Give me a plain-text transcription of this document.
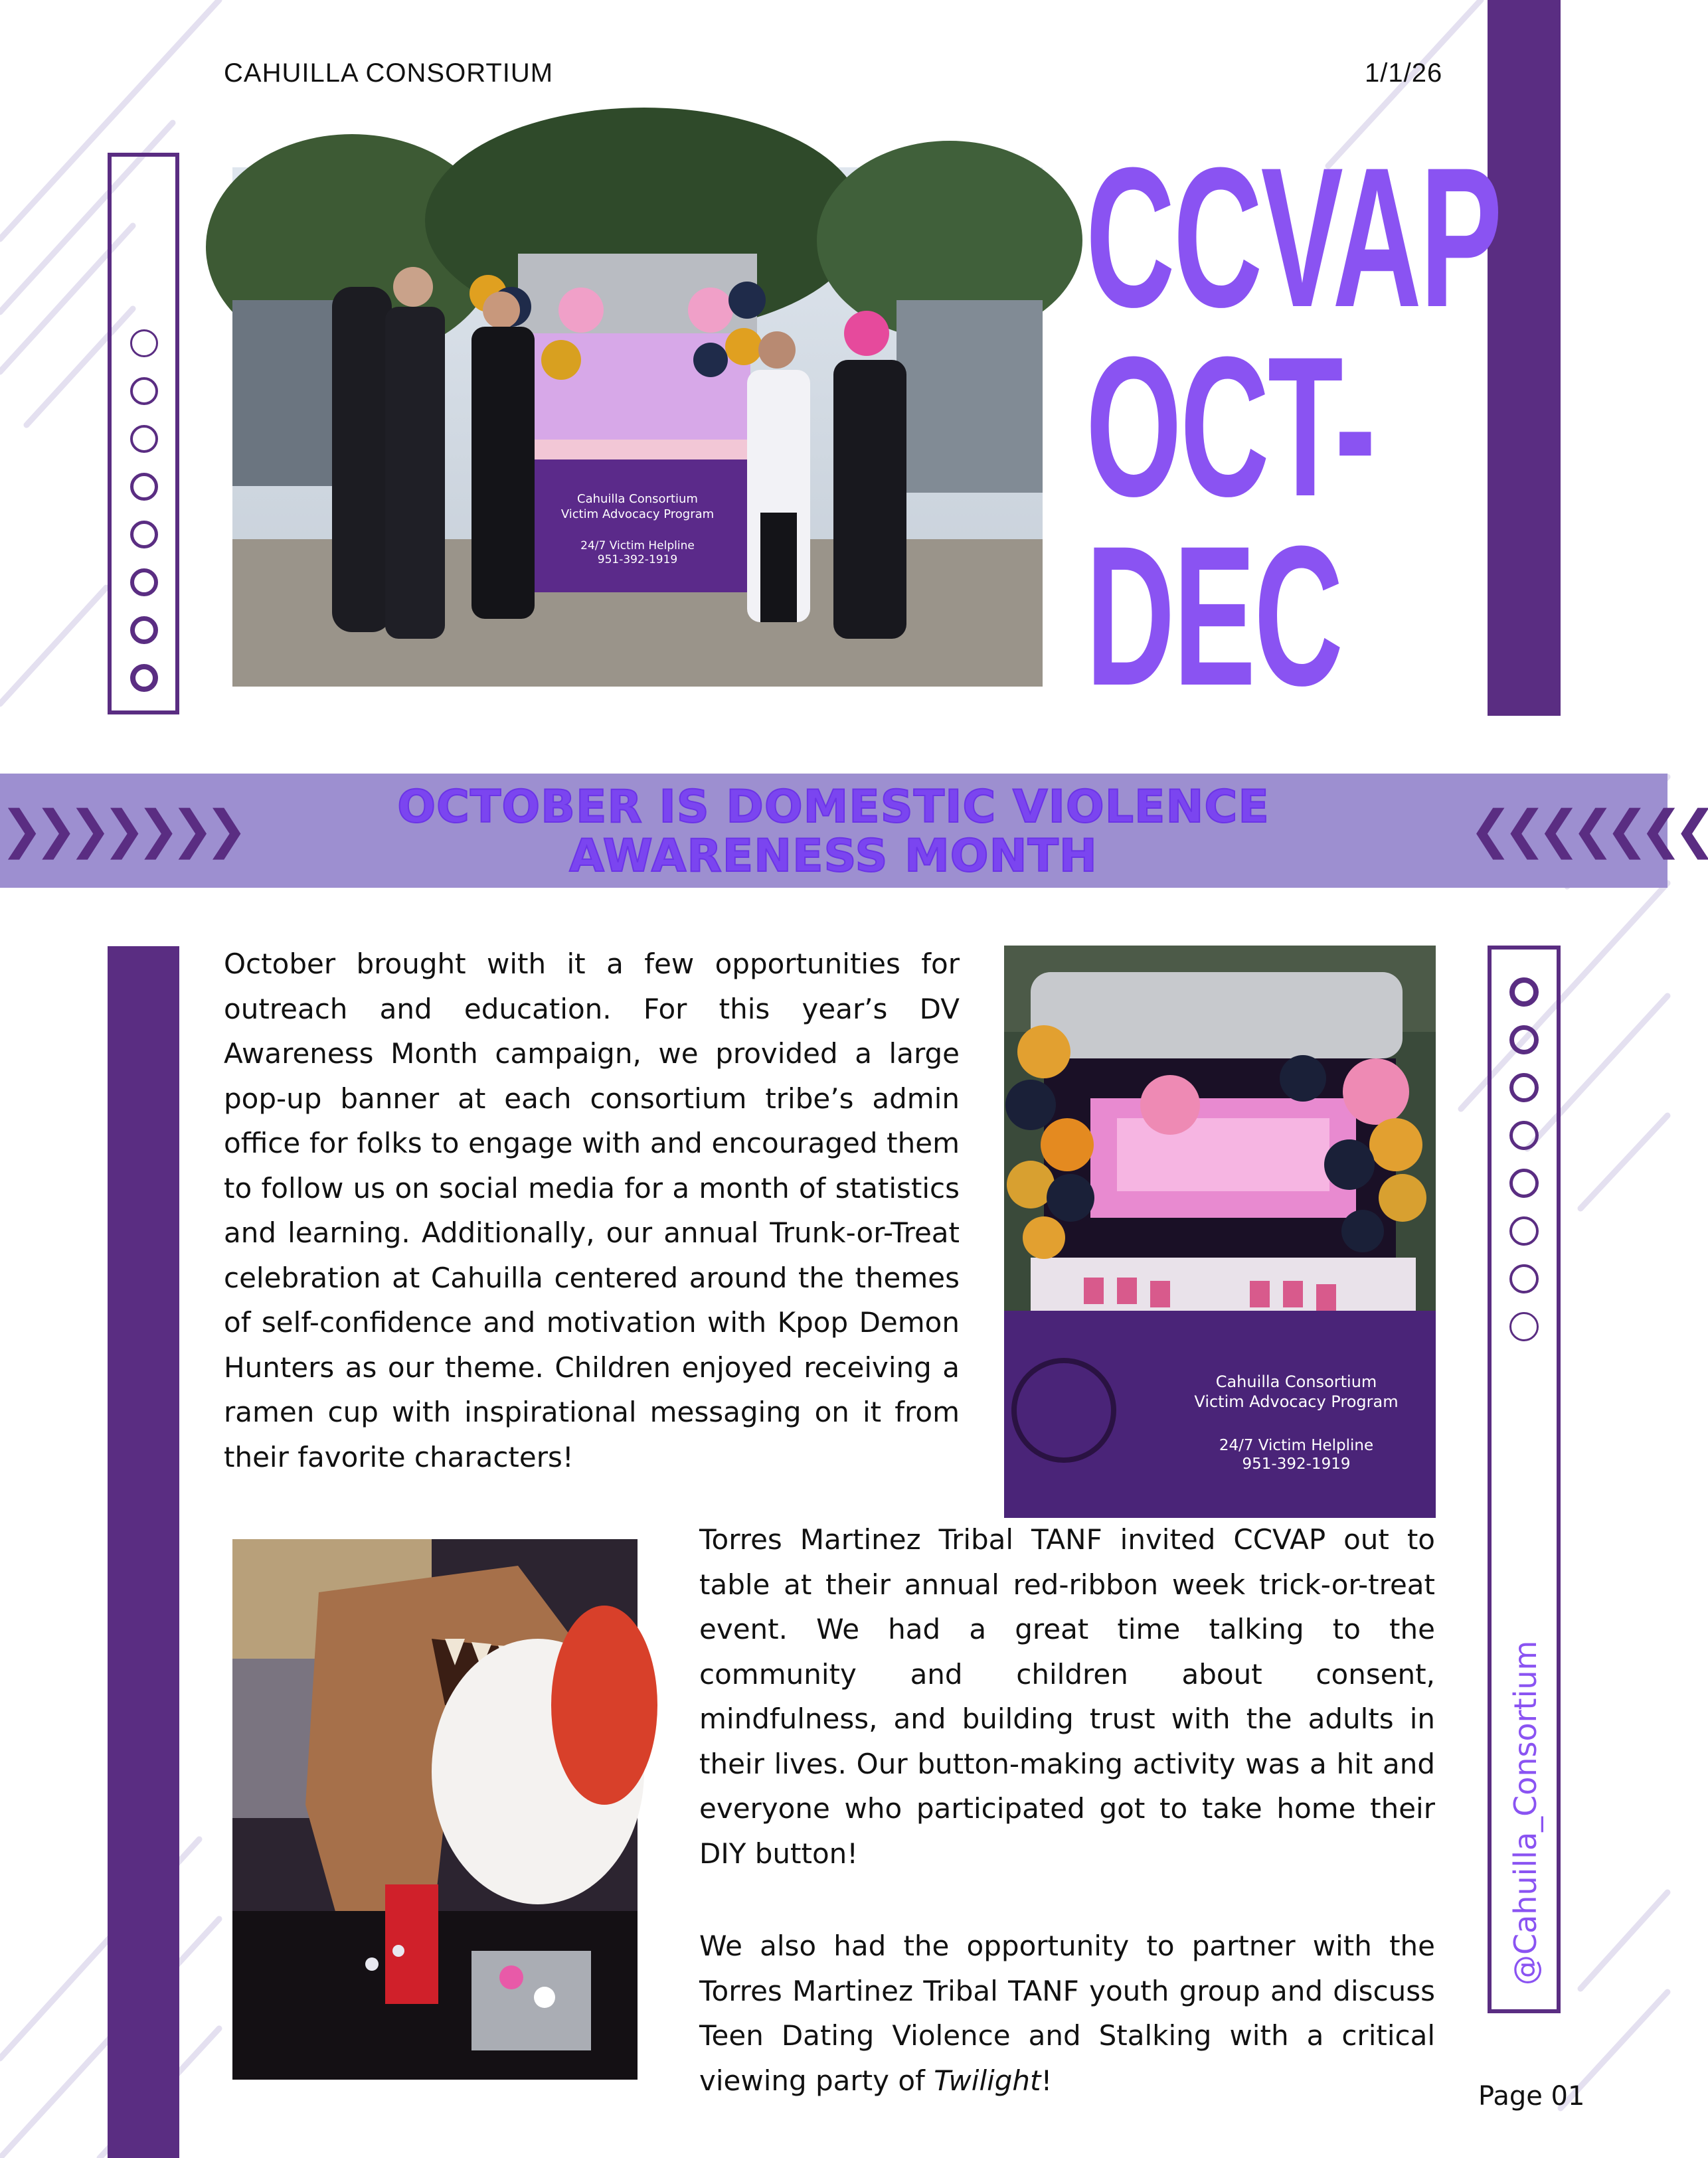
CAHUILLA CONSORTIUM	1/1/26
Cahuilla Consortium
Victim Advocacy Program
24/7 Victim Helpline
951-392-1919
CCVAP
OCT-
DEC
❯❯❯❯❯❯❯	❮❮❮❮❮❮❮
OCTOBER IS DOMESTIC VIOLENCE
AWARENESS MONTH
October brought with it a few opportunities for outreach and education. For this year’s DV Awareness Month campaign, we provided a large pop-up banner at each consortium tribe’s admin office for folks to engage with and encouraged them to follow us on social media for a month of statistics and learning. Additionally, our annual Trunk-or-Treat celebration at Cahuilla centered around the themes of self-confidence and motivation with Kpop Demon Hunters as our theme. Children enjoyed receiving a ramen cup with inspirational messaging on it from their favorite characters!
Cahuilla Consortium
Victim Advocacy Program
24/7 Victim Helpline
951-392-1919
@Cahuilla_Consortium
Torres Martinez Tribal TANF invited CCVAP out to table at their annual red-ribbon week trick-or-treat event. We had a great time talking to the community and children about consent, mindfulness, and building trust with the adults in their lives. Our button-making activity was a hit and everyone who participated got to take home their DIY button!
We also had the opportunity to partner with the Torres Martinez Tribal TANF youth group and discuss Teen Dating Violence and Stalking with a critical viewing party of Twilight!	Page 01
